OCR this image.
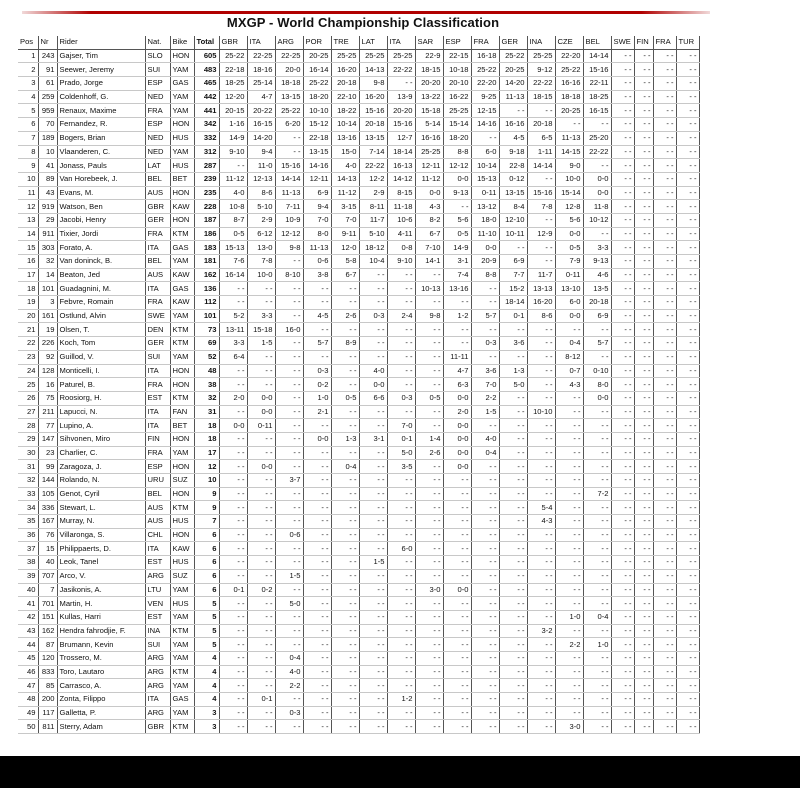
MXGP - World Championship Classification
Pos	Nr	Rider	Nat.	Bike	Total	GBR	ITA	ARG	POR	TRE	LAT	ITA	SAR	ESP	FRA	GER	INA	CZE	BEL	SWE	FIN	FRA	TUR
1	243	Gajser, Tim	SLO	HON	605	25-22	22-25	22-25	20-25	25-25	25-25	25-25	22-9	22-15	16-18	25-22	25-25	22-20	14-14	- -	- -	- -	- -
2	91	Seewer, Jeremy	SUI	YAM	483	22-18	18-16	20-0	16-14	16-20	14-13	22-22	18-15	10-18	25-22	20-25	9-12	25-22	15-16	- -	- -	- -	- -
3	61	Prado, Jorge	ESP	GAS	465	18-25	25-14	18-18	25-22	20-18	9-8	- -	20-20	20-10	22-20	14-20	22-22	16-16	22-11	- -	- -	- -	- -
4	259	Coldenhoff, G.	NED	YAM	442	12-20	4-7	13-15	18-20	22-10	16-20	13-9	13-22	16-22	9-25	11-13	18-15	18-18	18-25	- -	- -	- -	- -
5	959	Renaux, Maxime	FRA	YAM	441	20-15	20-22	25-22	10-10	18-22	15-16	20-20	15-18	25-25	12-15	- -	- -	20-25	16-15	- -	- -	- -	- -
6	70	Fernandez, R.	ESP	HON	342	1-16	16-15	6-20	15-12	10-14	20-18	15-16	5-14	15-14	14-16	16-16	20-18	- -	- -	- -	- -	- -	- -
7	189	Bogers, Brian	NED	HUS	332	14-9	14-20	- -	22-18	13-16	13-15	12-7	16-16	18-20	- -	4-5	6-5	11-13	25-20	- -	- -	- -	- -
8	10	Vlaanderen, C.	NED	YAM	312	9-10	9-4	- -	13-15	15-0	7-14	18-14	25-25	8-8	6-0	9-18	1-11	14-15	22-22	- -	- -	- -	- -
9	41	Jonass, Pauls	LAT	HUS	287	- -	11-0	15-16	14-16	4-0	22-22	16-13	12-11	12-12	10-14	22-8	14-14	9-0	- -	- -	- -	- -	- -
10	89	Van Horebeek, J.	BEL	BET	239	11-12	12-13	14-14	12-11	14-13	12-2	14-12	11-12	0-0	15-13	0-12	- -	10-0	0-0	- -	- -	- -	- -
11	43	Evans, M.	AUS	HON	235	4-0	8-6	11-13	6-9	11-12	2-9	8-15	0-0	9-13	0-11	13-15	15-16	15-14	0-0	- -	- -	- -	- -
12	919	Watson, Ben	GBR	KAW	228	10-8	5-10	7-11	9-4	3-15	8-11	11-18	4-3	- -	13-12	8-4	7-8	12-8	11-8	- -	- -	- -	- -
13	29	Jacobi, Henry	GER	HON	187	8-7	2-9	10-9	7-0	7-0	11-7	10-6	8-2	5-6	18-0	12-10	- -	5-6	10-12	- -	- -	- -	- -
14	911	Tixier, Jordi	FRA	KTM	186	0-5	6-12	12-12	8-0	9-11	5-10	4-11	6-7	0-5	11-10	10-11	12-9	0-0	- -	- -	- -	- -	- -
15	303	Forato, A.	ITA	GAS	183	15-13	13-0	9-8	11-13	12-0	18-12	0-8	7-10	14-9	0-0	- -	- -	0-5	3-3	- -	- -	- -	- -
16	32	Van doninck, B.	BEL	YAM	181	7-6	7-8	- -	0-6	5-8	10-4	9-10	14-1	3-1	20-9	6-9	- -	7-9	9-13	- -	- -	- -	- -
17	14	Beaton, Jed	AUS	KAW	162	16-14	10-0	8-10	3-8	6-7	- -	- -	- -	7-4	8-8	7-7	11-7	0-11	4-6	- -	- -	- -	- -
18	101	Guadagnini, M.	ITA	GAS	136	- -	- -	- -	- -	- -	- -	- -	10-13	13-16	- -	15-2	13-13	13-10	13-5	- -	- -	- -	- -
19	3	Febvre, Romain	FRA	KAW	112	- -	- -	- -	- -	- -	- -	- -	- -	- -	- -	18-14	16-20	6-0	20-18	- -	- -	- -	- -
20	161	Ostlund, Alvin	SWE	YAM	101	5-2	3-3	- -	4-5	2-6	0-3	2-4	9-8	1-2	5-7	0-1	8-6	0-0	6-9	- -	- -	- -	- -
21	19	Olsen, T.	DEN	KTM	73	13-11	15-18	16-0	- -	- -	- -	- -	- -	- -	- -	- -	- -	- -	- -	- -	- -	- -	- -
22	226	Koch, Tom	GER	KTM	69	3-3	1-5	- -	5-7	8-9	- -	- -	- -	- -	0-3	3-6	- -	0-4	5-7	- -	- -	- -	- -
23	92	Guillod, V.	SUI	YAM	52	6-4	- -	- -	- -	- -	- -	- -	- -	11-11	- -	- -	- -	8-12	- -	- -	- -	- -	- -
24	128	Monticelli, I.	ITA	HON	48	- -	- -	- -	0-3	- -	4-0	- -	- -	4-7	3-6	1-3	- -	0-7	0-10	- -	- -	- -	- -
25	16	Paturel, B.	FRA	HON	38	- -	- -	- -	0-2	- -	0-0	- -	- -	6-3	7-0	5-0	- -	4-3	8-0	- -	- -	- -	- -
26	75	Roosiorg, H.	EST	KTM	32	2-0	0-0	- -	1-0	0-5	6-6	0-3	0-5	0-0	2-2	- -	- -	- -	0-0	- -	- -	- -	- -
27	211	Lapucci, N.	ITA	FAN	31	- -	0-0	- -	2-1	- -	- -	- -	- -	2-0	1-5	- -	10-10	- -	- -	- -	- -	- -	- -
28	77	Lupino, A.	ITA	BET	18	0-0	0-11	- -	- -	- -	- -	7-0	- -	0-0	- -	- -	- -	- -	- -	- -	- -	- -	- -
29	147	Sihvonen, Miro	FIN	HON	18	- -	- -	- -	0-0	1-3	3-1	0-1	1-4	0-0	4-0	- -	- -	- -	- -	- -	- -	- -	- -
30	23	Charlier, C.	FRA	YAM	17	- -	- -	- -	- -	- -	- -	5-0	2-6	0-0	0-4	- -	- -	- -	- -	- -	- -	- -	- -
31	99	Zaragoza, J.	ESP	HON	12	- -	0-0	- -	- -	0-4	- -	3-5	- -	0-0	- -	- -	- -	- -	- -	- -	- -	- -	- -
32	144	Rolando, N.	URU	SUZ	10	- -	- -	3-7	- -	- -	- -	- -	- -	- -	- -	- -	- -	- -	- -	- -	- -	- -	- -
33	105	Genot, Cyril	BEL	HON	9	- -	- -	- -	- -	- -	- -	- -	- -	- -	- -	- -	- -	- -	7-2	- -	- -	- -	- -
34	336	Stewart, L.	AUS	KTM	9	- -	- -	- -	- -	- -	- -	- -	- -	- -	- -	- -	5-4	- -	- -	- -	- -	- -	- -
35	167	Murray, N.	AUS	HUS	7	- -	- -	- -	- -	- -	- -	- -	- -	- -	- -	- -	4-3	- -	- -	- -	- -	- -	- -
36	76	Villaronga, S.	CHL	HON	6	- -	- -	0-6	- -	- -	- -	- -	- -	- -	- -	- -	- -	- -	- -	- -	- -	- -	- -
37	15	Philippaerts, D.	ITA	KAW	6	- -	- -	- -	- -	- -	- -	6-0	- -	- -	- -	- -	- -	- -	- -	- -	- -	- -	- -
38	40	Leok, Tanel	EST	HUS	6	- -	- -	- -	- -	- -	1-5	- -	- -	- -	- -	- -	- -	- -	- -	- -	- -	- -	- -
39	707	Arco, V.	ARG	SUZ	6	- -	- -	1-5	- -	- -	- -	- -	- -	- -	- -	- -	- -	- -	- -	- -	- -	- -	- -
40	7	Jasikonis, A.	LTU	YAM	6	0-1	0-2	- -	- -	- -	- -	- -	3-0	0-0	- -	- -	- -	- -	- -	- -	- -	- -	- -
41	701	Martin, H.	VEN	HUS	5	- -	- -	5-0	- -	- -	- -	- -	- -	- -	- -	- -	- -	- -	- -	- -	- -	- -	- -
42	151	Kullas, Harri	EST	YAM	5	- -	- -	- -	- -	- -	- -	- -	- -	- -	- -	- -	- -	1-0	0-4	- -	- -	- -	- -
43	162	Hendra fahrodjie, F.	INA	KTM	5	- -	- -	- -	- -	- -	- -	- -	- -	- -	- -	- -	3-2	- -	- -	- -	- -	- -	- -
44	87	Brumann, Kevin	SUI	YAM	5	- -	- -	- -	- -	- -	- -	- -	- -	- -	- -	- -	- -	2-2	1-0	- -	- -	- -	- -
45	120	Trossero, M.	ARG	YAM	4	- -	- -	0-4	- -	- -	- -	- -	- -	- -	- -	- -	- -	- -	- -	- -	- -	- -	- -
46	833	Toro, Lautaro	ARG	KTM	4	- -	- -	4-0	- -	- -	- -	- -	- -	- -	- -	- -	- -	- -	- -	- -	- -	- -	- -
47	85	Carrasco, A.	ARG	YAM	4	- -	- -	2-2	- -	- -	- -	- -	- -	- -	- -	- -	- -	- -	- -	- -	- -	- -	- -
48	200	Zonta, Filippo	ITA	GAS	4	- -	0-1	- -	- -	- -	- -	1-2	- -	- -	- -	- -	- -	- -	- -	- -	- -	- -	- -
49	117	Galletta, P.	ARG	YAM	3	- -	- -	0-3	- -	- -	- -	- -	- -	- -	- -	- -	- -	- -	- -	- -	- -	- -	- -
50	811	Sterry, Adam	GBR	KTM	3	- -	- -	- -	- -	- -	- -	- -	- -	- -	- -	- -	- -	3-0	- -	- -	- -	- -	- -
